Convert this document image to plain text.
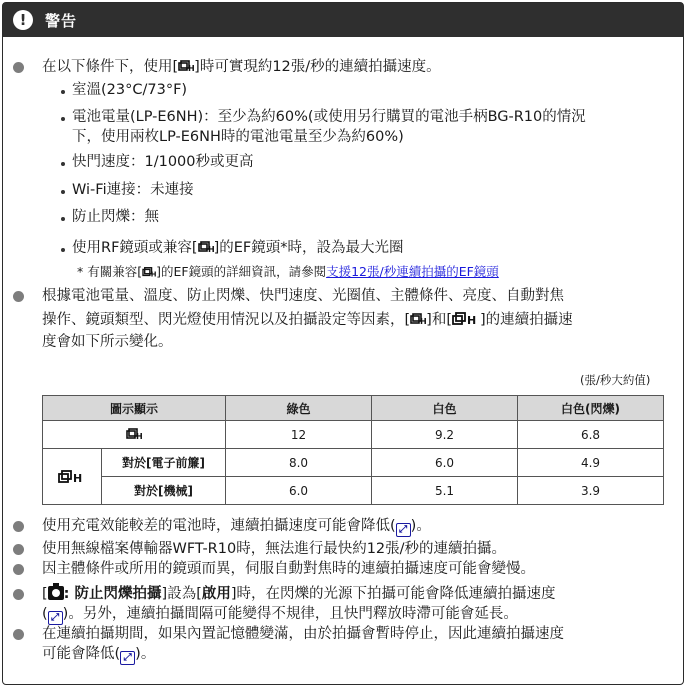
!	警告
在以下條件下，使用[ H ]時可實現約12張/秒的連續拍攝速度。
室溫(23°C/73°F)
電池電量(LP-E6NH)：至少為約60%(或使用另行購買的電池手柄BG-R10的情況
下，使用兩枚LP-E6NH時的電池電量至少為約60%)
快門速度：1/1000秒或更高
Wi-Fi連接：未連接
防止閃爍：無
使用RF鏡頭或兼容[ H ]的EF鏡頭*時，設為最大光圈
* 有關兼容[ H ]的EF鏡頭的詳細資訊，請參閱支援12張/秒連續拍攝的EF鏡頭
根據電池電量、溫度、防止閃爍、快門速度、光圈值、主體條件、亮度、自動對焦
操作、鏡頭類型、閃光燈使用情況以及拍攝設定等因素，[ H ]和[ H ]的連續拍攝速
度會如下所示變化。
(張/秒大約值)
圖示顯示		綠色	白色	白色(閃爍)

H		12	9.2	6.8

H	對於[電子前簾]	8.0	6.0	4.9
	對於[機械]	6.0	5.1	3.9
使用充電效能較差的電池時，連續拍攝速度可能會降低( ⤢ )。
使用無線檔案傳輸器WFT-R10時，無法進行最快約12張/秒的連續拍攝。
因主體條件或所用的鏡頭而異，伺服自動對焦時的連續拍攝速度可能會變慢。
[ : 防止閃爍拍攝]設為[啟用]時，在閃爍的光源下拍攝可能會降低連續拍攝速度
( ⤢ )。另外，連續拍攝間隔可能變得不規律，且快門釋放時滯可能會延長。
在連續拍攝期間，如果內置記憶體變滿，由於拍攝會暫時停止，因此連續拍攝速度
可能會降低( ⤢ )。
